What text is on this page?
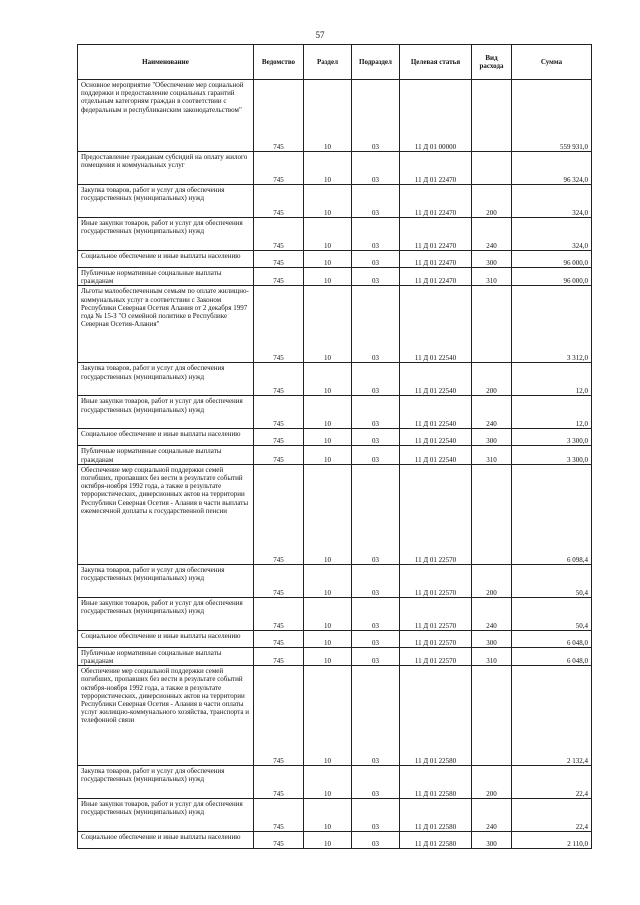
57
Наименование	Ведомство	Раздел	Подраздел	Целевая статья	Вид расхода	Сумма
Основное мероприятие "Обеспечение мер социальной поддержки и предоставление социальных гарантий отдельным категориям граждан в соответствии с федеральным и республиканским законодательством"	745	10	03	11 Д 01 00000		559 931,0
Предоставление гражданам субсидий на оплату жилого помещения и коммунальных услуг	745	10	03	11 Д 01 22470		96 324,0
Закупка товаров, работ и услуг для обеспечения государственных (муниципальных) нужд	745	10	03	11 Д 01 22470	200	324,0
Иные закупки товаров, работ и услуг для обеспечения государственных (муниципальных) нужд	745	10	03	11 Д 01 22470	240	324,0
Социальное обеспечение и иные выплаты населению	745	10	03	11 Д 01 22470	300	96 000,0
Публичные нормативные социальные выплаты гражданам	745	10	03	11 Д 01 22470	310	96 000,0
Льготы малообеспеченным семьям по оплате жилищно-коммунальных услуг в соответствии с Законом Республики Северная Осетия Алания от 2 декабря 1997 года № 15-З "О семейной политике в Республике Северная Осетия-Алания"	745	10	03	11 Д 01 22540		3 312,0
Закупка товаров, работ и услуг для обеспечения государственных (муниципальных) нужд	745	10	03	11 Д 01 22540	200	12,0
Иные закупки товаров, работ и услуг для обеспечения государственных (муниципальных) нужд	745	10	03	11 Д 01 22540	240	12,0
Социальное обеспечение и иные выплаты населению	745	10	03	11 Д 01 22540	300	3 300,0
Публичные нормативные социальные выплаты гражданам	745	10	03	11 Д 01 22540	310	3 300,0
Обеспечение мер социальной поддержки семей погибших, пропавших без вести в результате событий октября-ноября 1992 года, а также в результате террористических, диверсионных актов на территории Республики Северная Осетия - Алания в части выплаты ежемесячной доплаты к государственной пенсии	745	10	03	11 Д 01 22570		6 098,4
Закупка товаров, работ и услуг для обеспечения государственных (муниципальных) нужд	745	10	03	11 Д 01 22570	200	50,4
Иные закупки товаров, работ и услуг для обеспечения государственных (муниципальных) нужд	745	10	03	11 Д 01 22570	240	50,4
Социальное обеспечение и иные выплаты населению	745	10	03	11 Д 01 22570	300	6 048,0
Публичные нормативные социальные выплаты гражданам	745	10	03	11 Д 01 22570	310	6 048,0
Обеспечение мер социальной поддержки семей погибших, пропавших без вести в результате событий октября-ноября 1992 года, а также в результате террористических, диверсионных актов на территории Республики Северная Осетия - Алания в части оплаты услуг жилищно-коммунального хозяйства, транспорта и телефонной связи	745	10	03	11 Д 01 22580		2 132,4
Закупка товаров, работ и услуг для обеспечения государственных (муниципальных) нужд	745	10	03	11 Д 01 22580	200	22,4
Иные закупки товаров, работ и услуг для обеспечения государственных (муниципальных) нужд	745	10	03	11 Д 01 22580	240	22,4
Социальное обеспечение и иные выплаты населению	745	10	03	11 Д 01 22580	300	2 110,0
